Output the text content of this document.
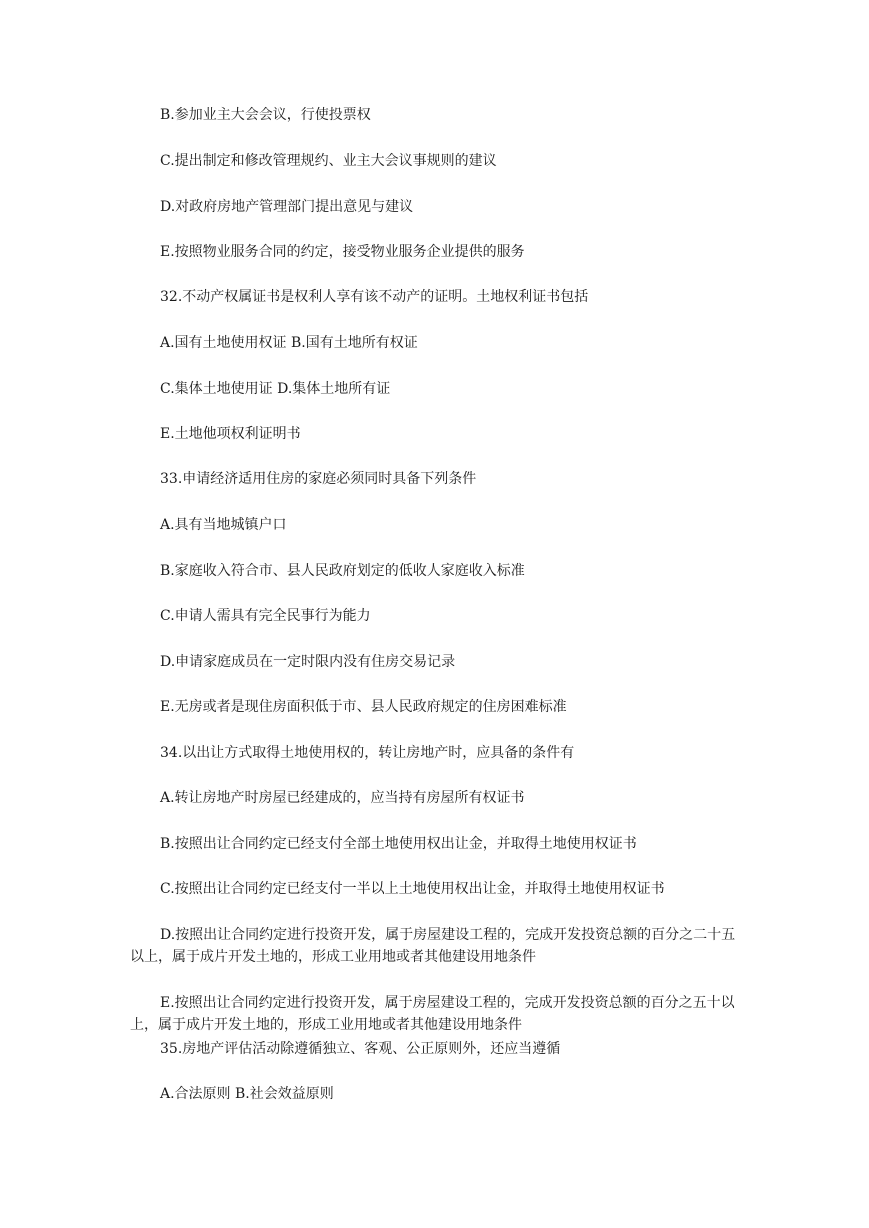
B.参加业主大会会议，行使投票权
C.提出制定和修改管理规约、业主大会议事规则的建议
D.对政府房地产管理部门提出意见与建议
E.按照物业服务合同的约定，接受物业服务企业提供的服务
32.不动产权属证书是权利人享有该不动产的证明。土地权利证书包括
A.国有土地使用权证 B.国有土地所有权证
C.集体土地使用证 D.集体土地所有证
E.土地他项权利证明书
33.申请经济适用住房的家庭必须同时具备下列条件
A.具有当地城镇户口
B.家庭收入符合市、县人民政府划定的低收人家庭收入标准
C.申请人需具有完全民事行为能力
D.申请家庭成员在一定时限内没有住房交易记录
E.无房或者是现住房面积低于市、县人民政府规定的住房困难标准
34.以出让方式取得土地使用权的，转让房地产时，应具备的条件有
A.转让房地产时房屋已经建成的，应当持有房屋所有权证书
B.按照出让合同约定已经支付全部土地使用权出让金，并取得土地使用权证书
C.按照出让合同约定已经支付一半以上土地使用权出让金，并取得土地使用权证书
D.按照出让合同约定进行投资开发，属于房屋建设工程的，完成开发投资总额的百分之二十五以上，属于成片开发土地的，形成工业用地或者其他建设用地条件
E.按照出让合同约定进行投资开发，属于房屋建设工程的，完成开发投资总额的百分之五十以上，属于成片开发土地的，形成工业用地或者其他建设用地条件
35.房地产评估活动除遵循独立、客观、公正原则外，还应当遵循
A.合法原则 B.社会效益原则
